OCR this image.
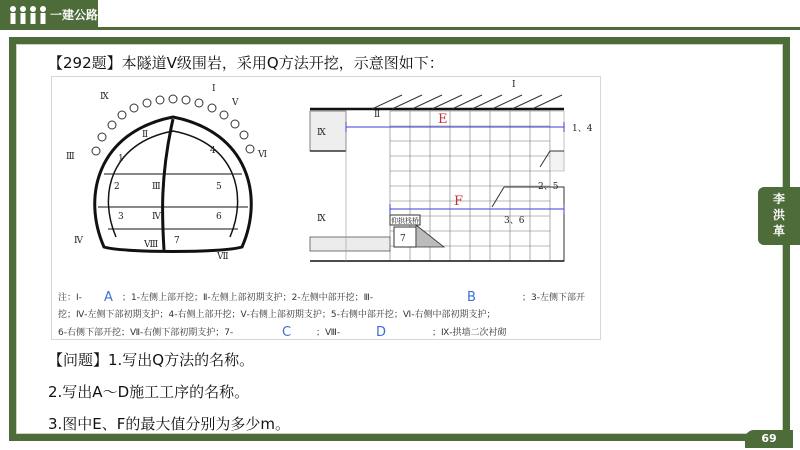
一建公路
【292题】本隧道Ⅴ级围岩，采用Q方法开挖，示意图如下：
Ⅸ
Ⅰ
Ⅴ
Ⅱ
Ⅵ
Ⅲ
Ⅲ
Ⅳ
Ⅳ	Ⅷ
Ⅶ
1
2
3
4
5
6
7
Ⅰ
Ⅱ
Ⅸ
Ⅸ
1、4
2、5
3、6
7
仰拱栈桥
E
F
注：Ⅰ- A ；1-左侧上部开挖；Ⅱ-左侧上部初期支护；2-左侧中部开挖；Ⅲ-	B	；3-左侧下部开
挖；Ⅳ-左侧下部初期支护；4-右侧上部开挖；Ⅴ-右侧上部初期支护；5-右侧中部开挖；Ⅵ-右侧中部初期支护；
6-右侧下部开挖；Ⅶ-右侧下部初期支护；7-	C	；Ⅷ-	D	；Ⅸ-拱墙二次衬砌
【问题】1.写出Q方法的名称。
2.写出A～D施工工序的名称。
3.图中E、F的最大值分别为多少m。
李
洪
革
69
